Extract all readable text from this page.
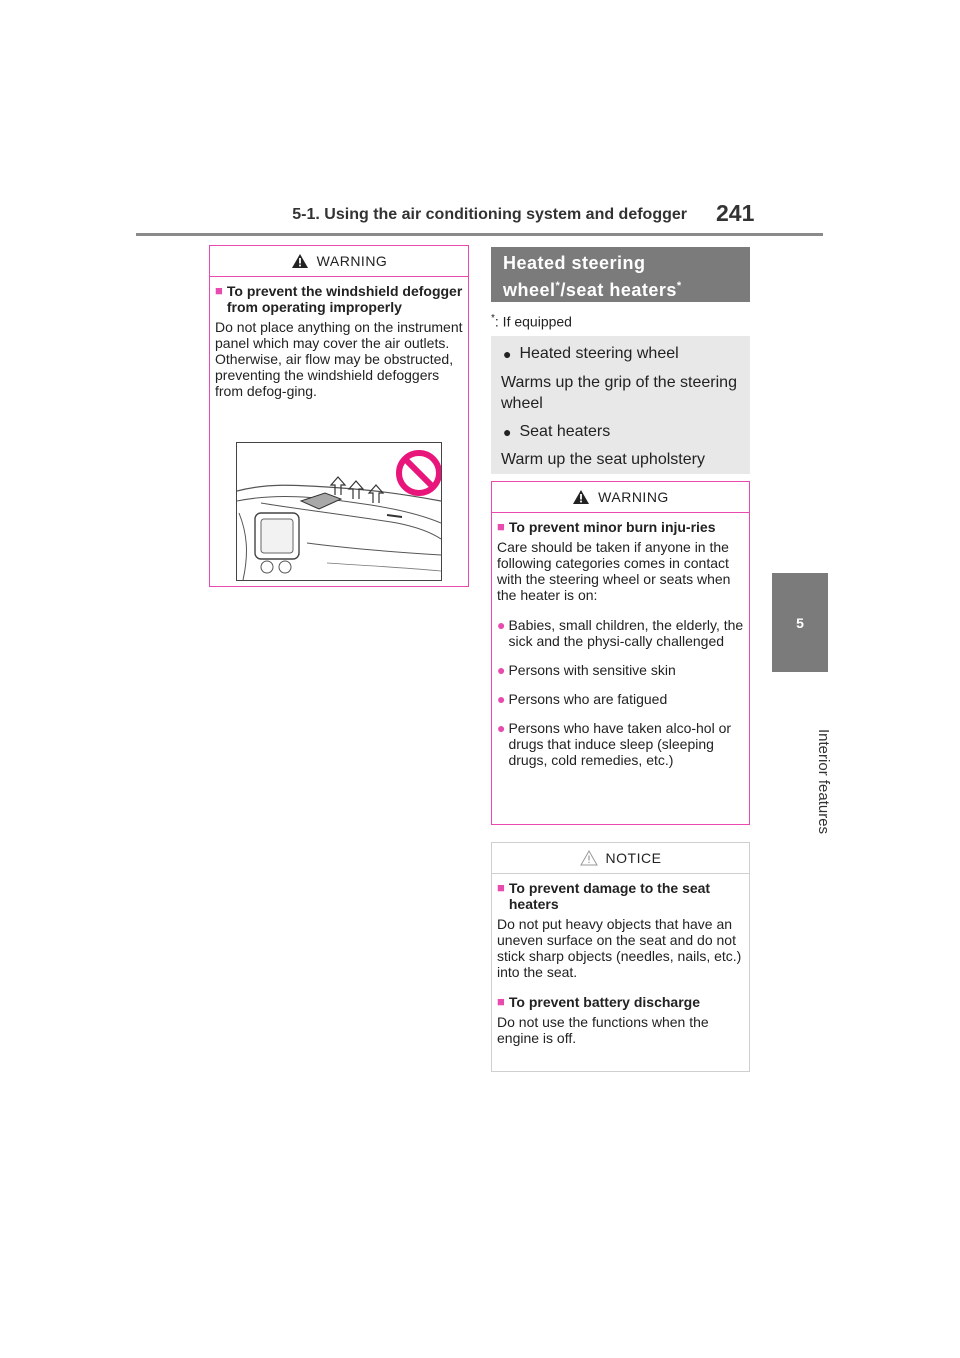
5-1. Using the air conditioning system and defogger 241
5
Interior features
WARNING
■ To prevent the windshield defogger from operating improperly

Do not place anything on the instrument panel which may cover the air outlets. Otherwise, air flow may be obstructed, preventing the windshield defoggers from defog-ging.

Heated steering wheel*/seat heaters*
*: If equipped
● Heated steering wheel
Warms up the grip of the steering wheel
● Seat heaters
Warm up the seat upholstery
WARNING
■ To prevent minor burn inju-ries

Care should be taken if anyone in the following categories comes in contact with the steering wheel or seats when the heater is on:

● Babies, small children, the elderly, the sick and the physi-cally challenged
● Persons with sensitive skin
● Persons who are fatigued
● Persons who have taken alco-hol or drugs that induce sleep (sleeping drugs, cold remedies, etc.)
NOTICE
■ To prevent damage to the seat heaters

Do not put heavy objects that have an uneven surface on the seat and do not stick sharp objects (needles, nails, etc.) into the seat.

■ To prevent battery discharge

Do not use the functions when the engine is off.
